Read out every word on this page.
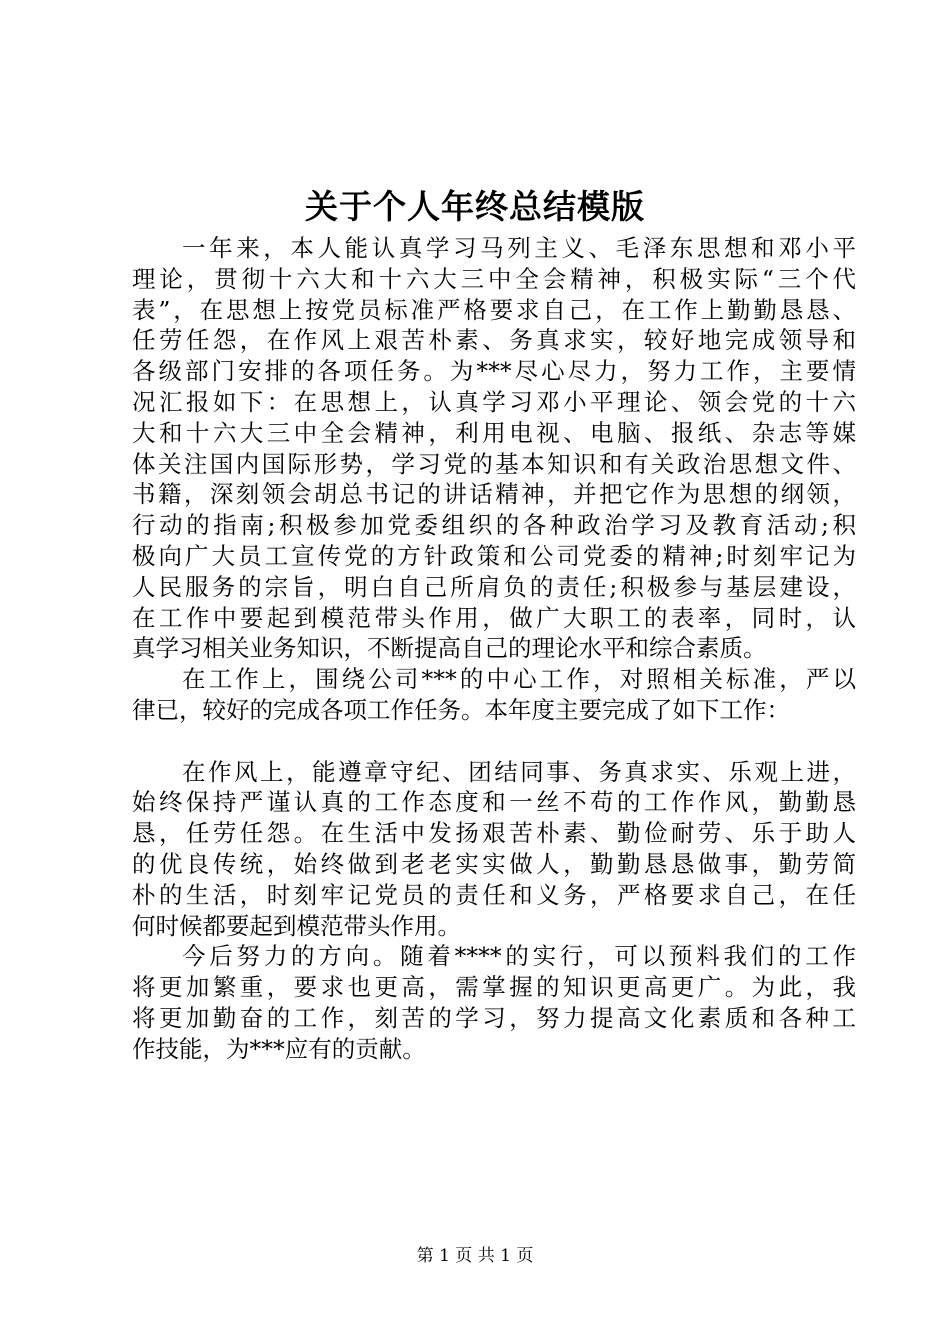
关于个人年终总结模版
一年来，本人能认真学习马列主义、毛泽东思想和邓小平
理论，贯彻十六大和十六大三中全会精神，积极实际“三个代
表”，在思想上按党员标准严格要求自己，在工作上勤勤恳恳、
任劳任怨，在作风上艰苦朴素、务真求实，较好地完成领导和
各级部门安排的各项任务。为***尽心尽力，努力工作，主要情
况汇报如下：在思想上，认真学习邓小平理论、领会党的十六
大和十六大三中全会精神，利用电视、电脑、报纸、杂志等媒
体关注国内国际形势，学习党的基本知识和有关政治思想文件、
书籍，深刻领会胡总书记的讲话精神，并把它作为思想的纲领，
行动的指南;积极参加党委组织的各种政治学习及教育活动;积
极向广大员工宣传党的方针政策和公司党委的精神;时刻牢记为
人民服务的宗旨，明白自己所肩负的责任;积极参与基层建设，
在工作中要起到模范带头作用，做广大职工的表率，同时，认
真学习相关业务知识，不断提高自己的理论水平和综合素质。
在工作上，围绕公司***的中心工作，对照相关标准，严以
律已，较好的完成各项工作任务。本年度主要完成了如下工作：
在作风上，能遵章守纪、团结同事、务真求实、乐观上进，
始终保持严谨认真的工作态度和一丝不苟的工作作风，勤勤恳
恳，任劳任怨。在生活中发扬艰苦朴素、勤俭耐劳、乐于助人
的优良传统，始终做到老老实实做人，勤勤恳恳做事，勤劳简
朴的生活，时刻牢记党员的责任和义务，严格要求自己，在任
何时候都要起到模范带头作用。
今后努力的方向。随着****的实行，可以预料我们的工作
将更加繁重，要求也更高，需掌握的知识更高更广。为此，我
将更加勤奋的工作，刻苦的学习，努力提高文化素质和各种工
作技能，为***应有的贡献。
第 1 页 共 1 页
